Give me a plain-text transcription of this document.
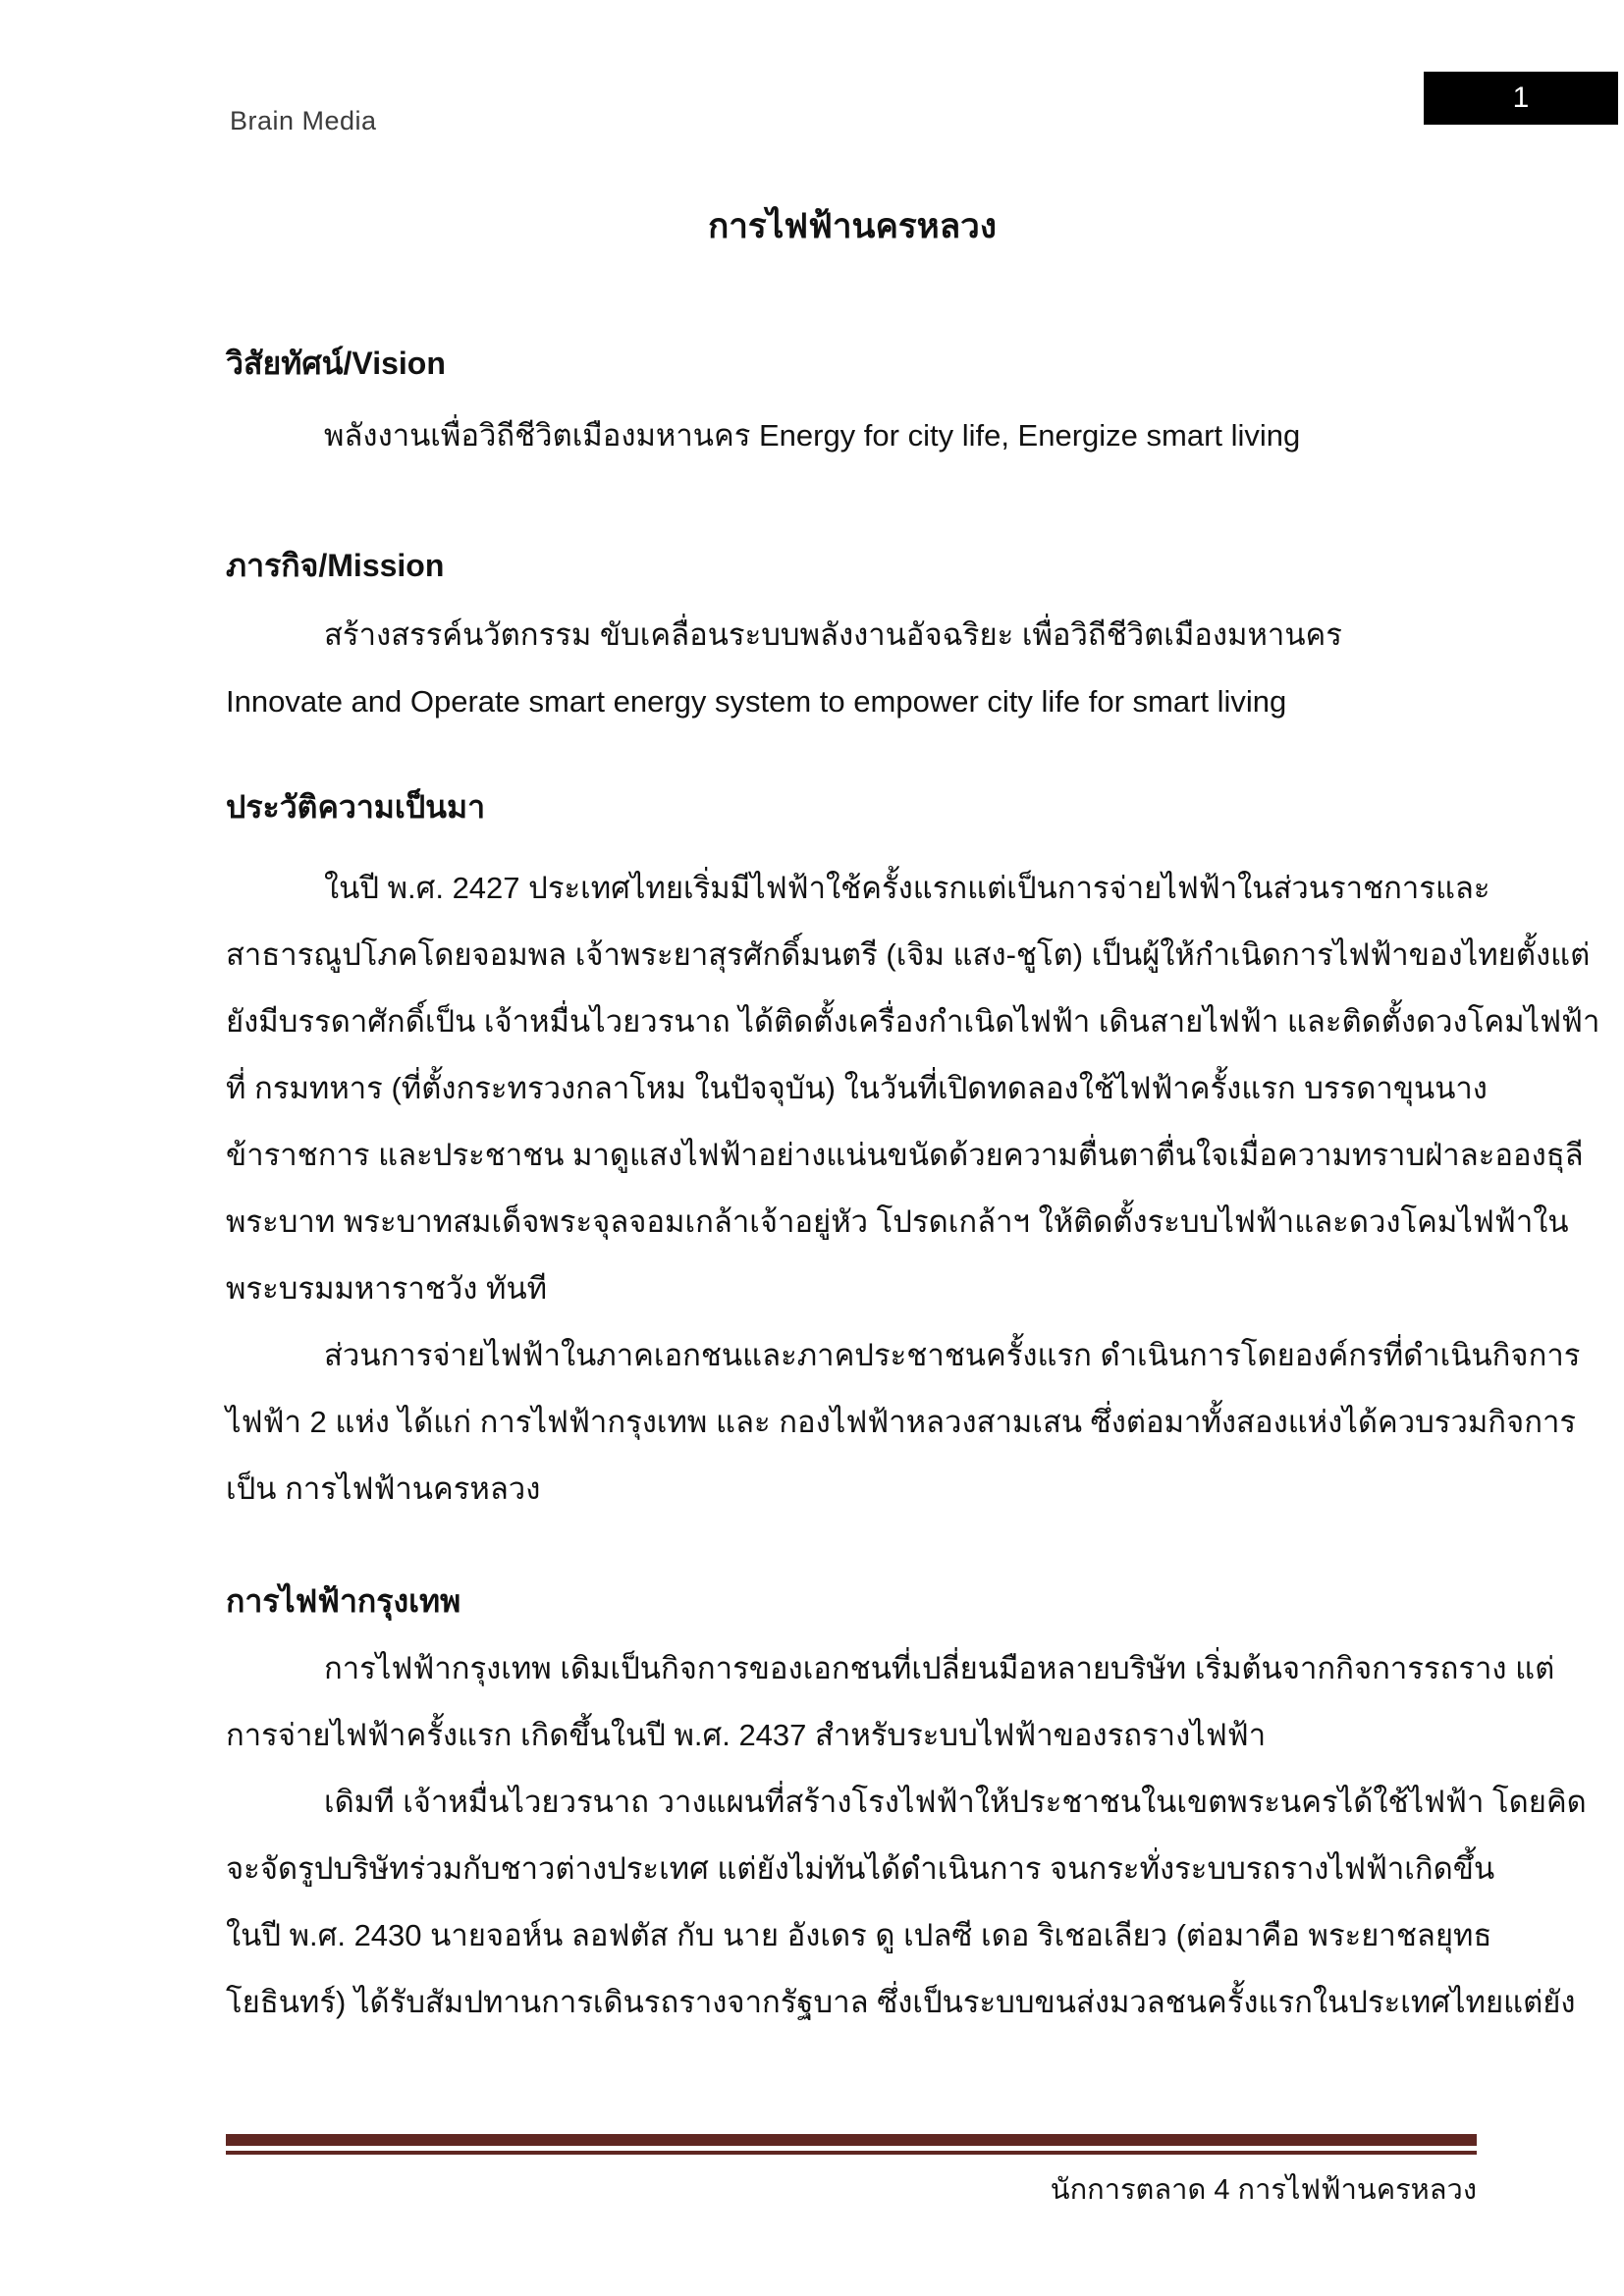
Brain Media
1
การไฟฟ้านครหลวง
วิสัยทัศน์/Vision
พลังงานเพื่อวิถีชีวิตเมืองมหานคร Energy for city life, Energize smart living
ภารกิจ/Mission
สร้างสรรค์นวัตกรรม ขับเคลื่อนระบบพลังงานอัจฉริยะ เพื่อวิถีชีวิตเมืองมหานคร
Innovate and Operate smart energy system to empower city life for smart living
ประวัติความเป็นมา
ในปี พ.ศ. 2427 ประเทศไทยเริ่มมีไฟฟ้าใช้ครั้งแรกแต่เป็นการจ่ายไฟฟ้าในส่วนราชการและ
สาธารณูปโภคโดยจอมพล เจ้าพระยาสุรศักดิ์มนตรี (เจิม แสง-ชูโต) เป็นผู้ให้กำเนิดการไฟฟ้าของไทยตั้งแต่
ยังมีบรรดาศักดิ์เป็น เจ้าหมื่นไวยวรนาถ ได้ติดตั้งเครื่องกำเนิดไฟฟ้า เดินสายไฟฟ้า และติดตั้งดวงโคมไฟฟ้า
ที่ กรมทหาร (ที่ตั้งกระทรวงกลาโหม ในปัจจุบัน) ในวันที่เปิดทดลองใช้ไฟฟ้าครั้งแรก บรรดาขุนนาง
ข้าราชการ และประชาชน มาดูแสงไฟฟ้าอย่างแน่นขนัดด้วยความตื่นตาตื่นใจเมื่อความทราบฝ่าละอองธุลี
พระบาท พระบาทสมเด็จพระจุลจอมเกล้าเจ้าอยู่หัว โปรดเกล้าฯ ให้ติดตั้งระบบไฟฟ้าและดวงโคมไฟฟ้าใน
พระบรมมหาราชวัง ทันที
ส่วนการจ่ายไฟฟ้าในภาคเอกชนและภาคประชาชนครั้งแรก ดำเนินการโดยองค์กรที่ดำเนินกิจการ
ไฟฟ้า 2 แห่ง ได้แก่ การไฟฟ้ากรุงเทพ และ กองไฟฟ้าหลวงสามเสน ซึ่งต่อมาทั้งสองแห่งได้ควบรวมกิจการ
เป็น การไฟฟ้านครหลวง
การไฟฟ้ากรุงเทพ
การไฟฟ้ากรุงเทพ เดิมเป็นกิจการของเอกชนที่เปลี่ยนมือหลายบริษัท เริ่มต้นจากกิจการรถราง แต่
การจ่ายไฟฟ้าครั้งแรก เกิดขึ้นในปี พ.ศ. 2437 สำหรับระบบไฟฟ้าของรถรางไฟฟ้า
เดิมที เจ้าหมื่นไวยวรนาถ วางแผนที่สร้างโรงไฟฟ้าให้ประชาชนในเขตพระนครได้ใช้ไฟฟ้า โดยคิด
จะจัดรูปบริษัทร่วมกับชาวต่างประเทศ แต่ยังไม่ทันได้ดำเนินการ จนกระทั่งระบบรถรางไฟฟ้าเกิดขึ้น
ในปี พ.ศ. 2430 นายจอห์น ลอฟตัส กับ นาย อังเดร ดู เปลซี เดอ ริเชอเลียว (ต่อมาคือ พระยาชลยุทธ
โยธินทร์) ได้รับสัมปทานการเดินรถรางจากรัฐบาล ซึ่งเป็นระบบขนส่งมวลชนครั้งแรกในประเทศไทยแต่ยัง
นักการตลาด 4 การไฟฟ้านครหลวง
